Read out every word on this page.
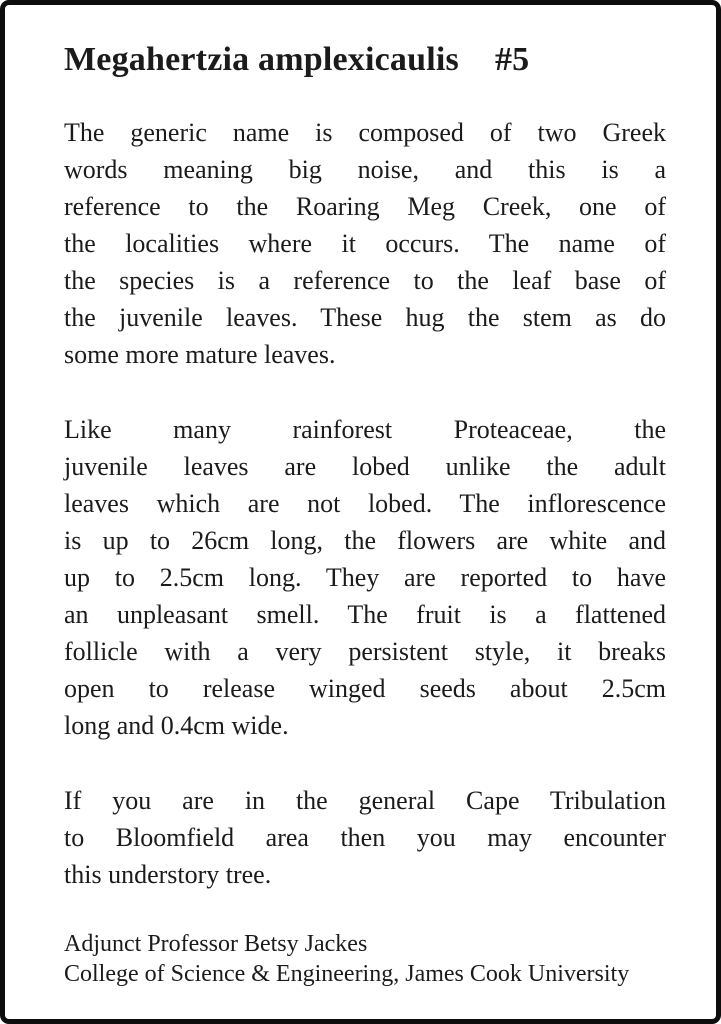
Megahertzia amplexicaulis #5
The generic name is composed of two Greek
words meaning big noise, and this is a
reference to the Roaring Meg Creek, one of
the localities where it occurs. The name of
the species is a reference to the leaf base of
the juvenile leaves. These hug the stem as do
some more mature leaves.
Like many rainforest Proteaceae, the
juvenile leaves are lobed unlike the adult
leaves which are not lobed. The inflorescence
is up to 26cm long, the flowers are white and
up to 2.5cm long. They are reported to have
an unpleasant smell. The fruit is a flattened
follicle with a very persistent style, it breaks
open to release winged seeds about 2.5cm
long and 0.4cm wide.
If you are in the general Cape Tribulation
to Bloomfield area then you may encounter
this understory tree.
Adjunct Professor Betsy Jackes
College of Science & Engineering, James Cook University
